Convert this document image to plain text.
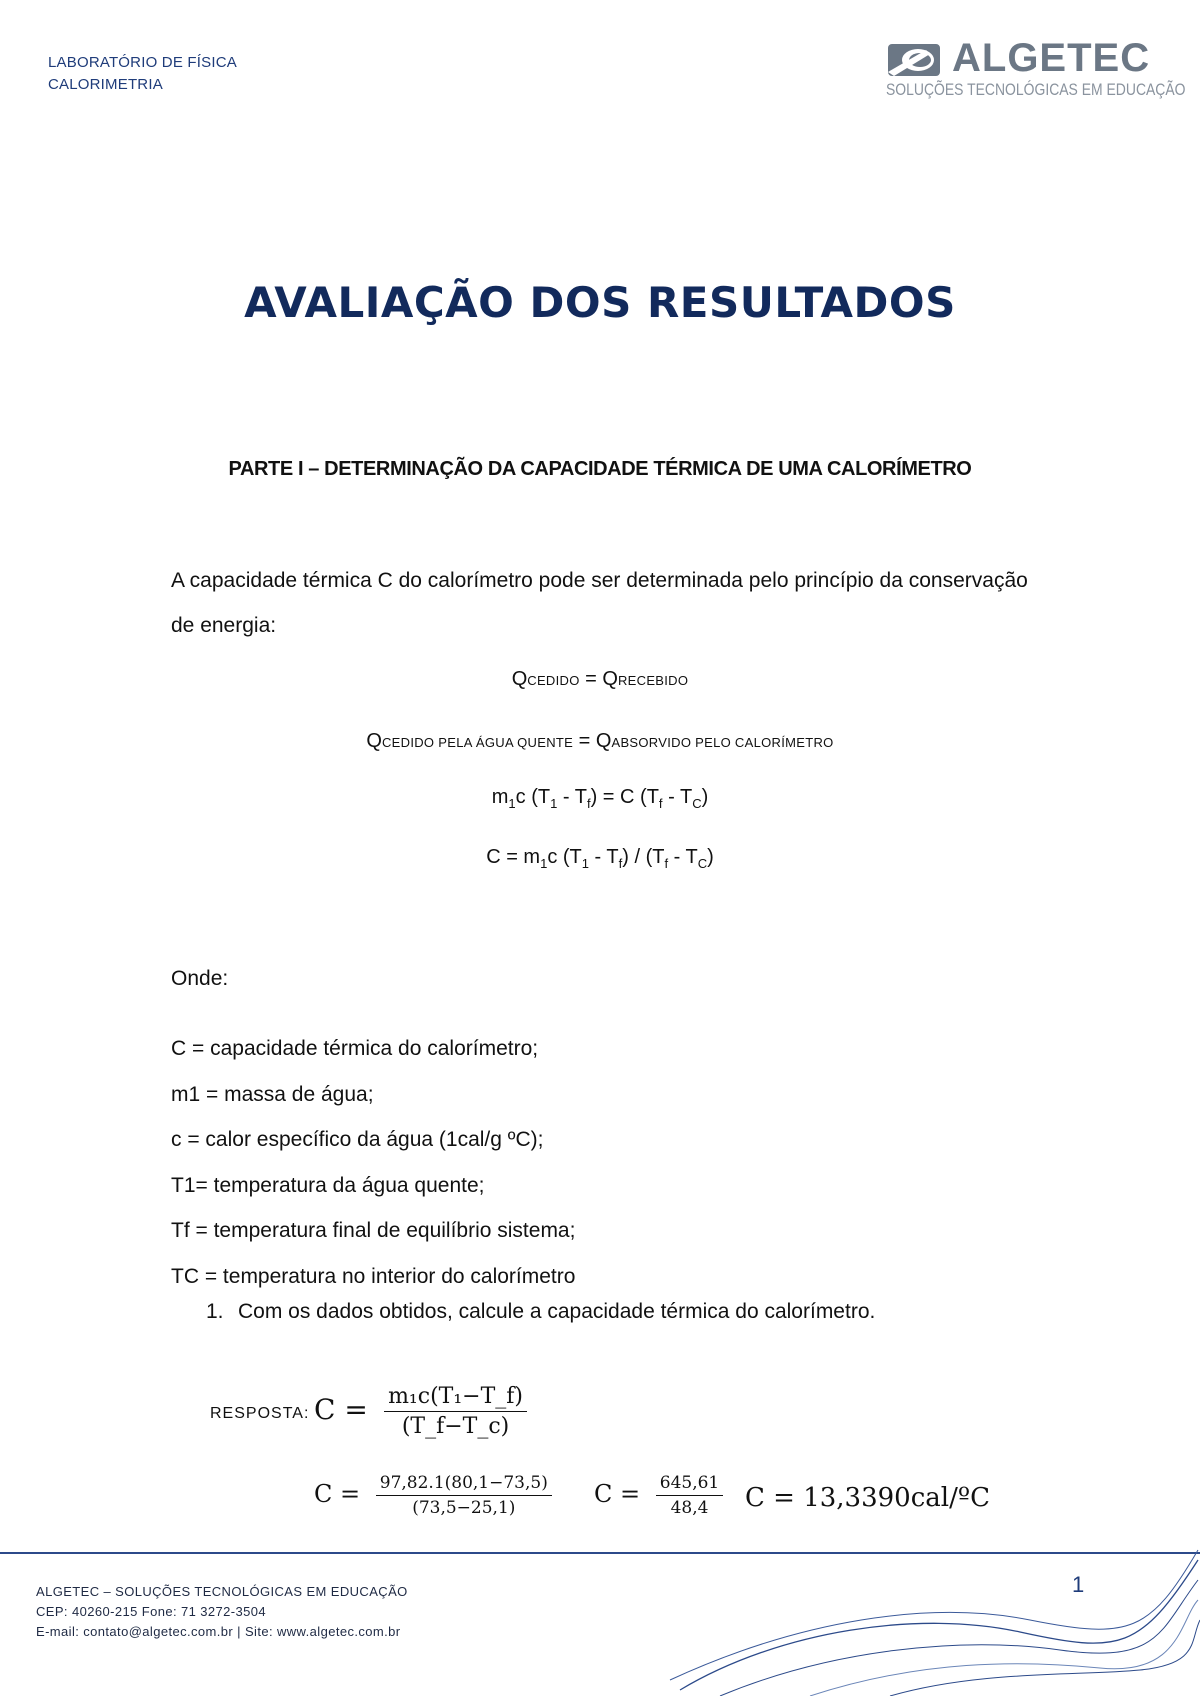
LABORATÓRIO DE FÍSICA
CALORIMETRIA
ALGETEC
SOLUÇÕES TECNOLÓGICAS EM EDUCAÇÃO
AVALIAÇÃO DOS RESULTADOS
PARTE I – DETERMINAÇÃO DA CAPACIDADE TÉRMICA DE UMA CALORÍMETRO
A capacidade térmica C do calorímetro pode ser determinada pelo princípio da conservação de energia:
QCEDIDO = QRECEBIDO
QCEDIDO PELA ÁGUA QUENTE = QABSORVIDO PELO CALORÍMETRO
$m_1c$ $(T_1 - T_f) = C$ $(T_f - T_C)$
$C = m_1c$ $(T_1 - T_f) / (T_f - T_C)$
Onde:
C = capacidade térmica do calorímetro;
m1 = massa de água;
c = calor específico da água (1cal/g ºC);
T1= temperatura da água quente;
Tf = temperatura final de equilíbrio sistema;
TC = temperatura no interior do calorímetro
1. Com os dados obtidos, calcule a capacidade térmica do calorímetro.
RESPOSTA: $C = \frac{\text{m₁c(T₁−T\_f)}}{(T\_f-T\_c)}$
$C = \frac{97,82.1(80,1-73,5)}{(73,5-25,1)}$ $C = \frac{645,61}{48,4}$ C = 13,3390cal/ºC
ALGETEC – SOLUÇÕES TECNOLÓGICAS EM EDUCAÇÃO
CEP: 40260-215 Fone: 71 3272-3504
E-mail: contato@algetec.com.br | Site: www.algetec.com.br
1
